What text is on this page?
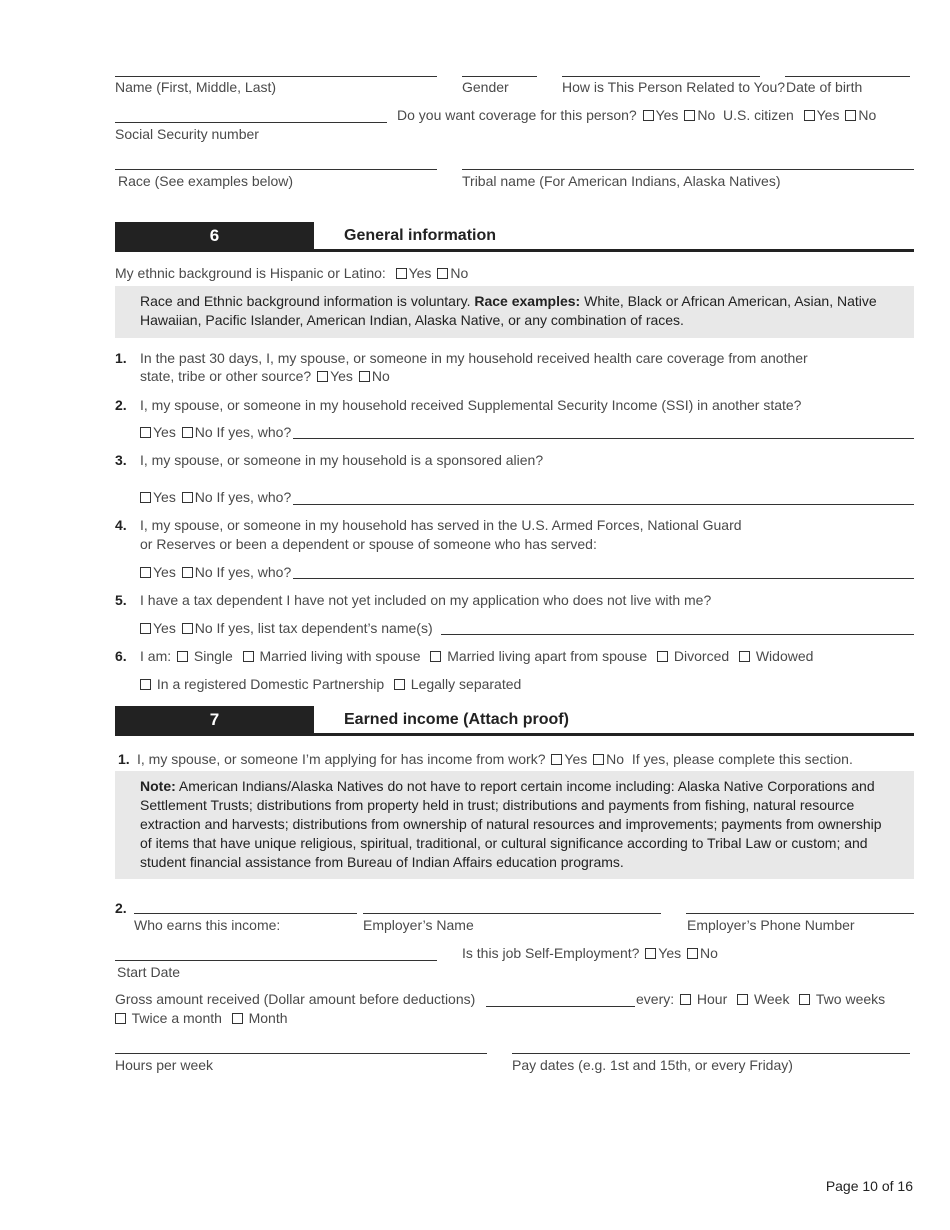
Name (First, Middle, Last)	Gender	How is This Person Related to You? Date of birth
Do you want coverage for this person? Yes No U.S. citizen Yes No
Social Security number
Race (See examples below)	Tribal name (For American Indians, Alaska Natives)
6	General information
My ethnic background is Hispanic or Latino: Yes No
Race and Ethnic background information is voluntary. Race examples: White, Black or African American, Asian, Native Hawaiian, Pacific Islander, American Indian, Alaska Native, or any combination of races.
1. In the past 30 days, I, my spouse, or someone in my household received health care coverage from another
state, tribe or other source? Yes No
2. I, my spouse, or someone in my household received Supplemental Security Income (SSI) in another state?
Yes No If yes, who?
3. I, my spouse, or someone in my household is a sponsored alien?
Yes No If yes, who?
4. I, my spouse, or someone in my household has served in the U.S. Armed Forces, National Guard
or Reserves or been a dependent or spouse of someone who has served:
Yes No If yes, who?
5. I have a tax dependent I have not yet included on my application who does not live with me?
Yes No If yes, list tax dependent’s name(s)
6. I am: Single Married living with spouse Married living apart from spouse Divorced Widowed
In a registered Domestic Partnership Legally separated
7	Earned income (Attach proof)
1. I, my spouse, or someone I’m applying for has income from work? Yes No If yes, please complete this section.
Note: American Indians/Alaska Natives do not have to report certain income including: Alaska Native Corporations and Settlement Trusts; distributions from property held in trust; distributions and payments from fishing, natural resource extraction and harvests; distributions from ownership of natural resources and improvements; payments from ownership of items that have unique religious, spiritual, traditional, or cultural significance according to Tribal Law or custom; and student financial assistance from Bureau of Indian Affairs education programs.
2.
Who earns this income:	Employer’s Name	Employer’s Phone Number
Is this job Self-Employment? Yes No
Start Date
Gross amount received (Dollar amount before deductions)	every: Hour Week Two weeks
Twice a month Month
Hours per week	Pay dates (e.g. 1st and 15th, or every Friday)
Page 10 of 16
